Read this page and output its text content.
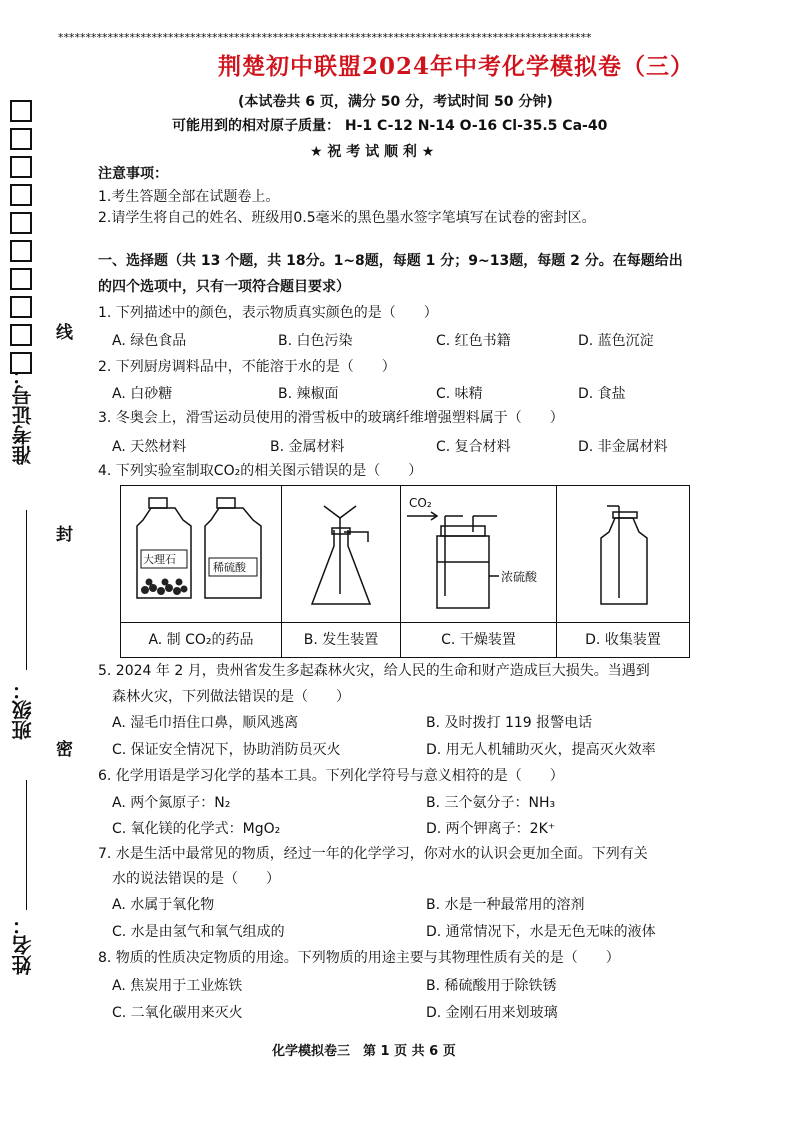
*************************************************************************************************
线
封
密
准考证号：
班级：
姓名：
荆楚初中联盟2024年中考化学模拟卷（三）
(本试卷共 6 页，满分 50 分，考试时间 50 分钟)
可能用到的相对原子质量： H-1 C-12 N-14 O-16 Cl-35.5 Ca-40
★ 祝 考 试 顺 利 ★
注意事项：
1.考生答题全部在试题卷上。
2.请学生将自己的姓名、班级用0.5毫米的黑色墨水签字笔填写在试卷的密封区。
一、选择题（共 13 个题，共 18分。1~8题，每题 1 分；9~13题，每题 2 分。在每题给出
的四个选项中，只有一项符合题目要求）
1. 下列描述中的颜色，表示物质真实颜色的是（　　）
A. 绿色食品	B. 白色污染	C. 红色书籍	D. 蓝色沉淀
2. 下列厨房调料品中，不能溶于水的是（　　）
A. 白砂糖	B. 辣椒面	C. 味精	D. 食盐
3. 冬奥会上，滑雪运动员使用的滑雪板中的玻璃纤维增强塑料属于（　　）
A. 天然材料	B. 金属材料	C. 复合材料	D. 非金属材料
4. 下列实验室制取CO₂的相关图示错误的是（　　）
大理石
稀硫酸		CO₂
浓硫酸

A. 制 CO₂的药品	B. 发生装置	C. 干燥装置	D. 收集装置
5. 2024 年 2 月，贵州省发生多起森林火灾，给人民的生命和财产造成巨大损失。当遇到
森林火灾，下列做法错误的是（　　）
A. 湿毛巾捂住口鼻，顺风逃离	B. 及时拨打 119 报警电话
C. 保证安全情况下，协助消防员灭火	D. 用无人机辅助灭火，提高灭火效率
6. 化学用语是学习化学的基本工具。下列化学符号与意义相符的是（　　）
A. 两个氮原子：N₂	B. 三个氨分子：NH₃
C. 氧化镁的化学式：MgO₂	D. 两个钾离子：2K⁺
7. 水是生活中最常见的物质，经过一年的化学学习，你对水的认识会更加全面。下列有关
水的说法错误的是（　　）
A. 水属于氧化物	B. 水是一种最常用的溶剂
C. 水是由氢气和氧气组成的	D. 通常情况下，水是无色无味的液体
8. 物质的性质决定物质的用途。下列物质的用途主要与其物理性质有关的是（　　）
A. 焦炭用于工业炼铁	B. 稀硫酸用于除铁锈
C. 二氧化碳用来灭火	D. 金刚石用来划玻璃
化学模拟卷三　第 1 页 共 6 页
